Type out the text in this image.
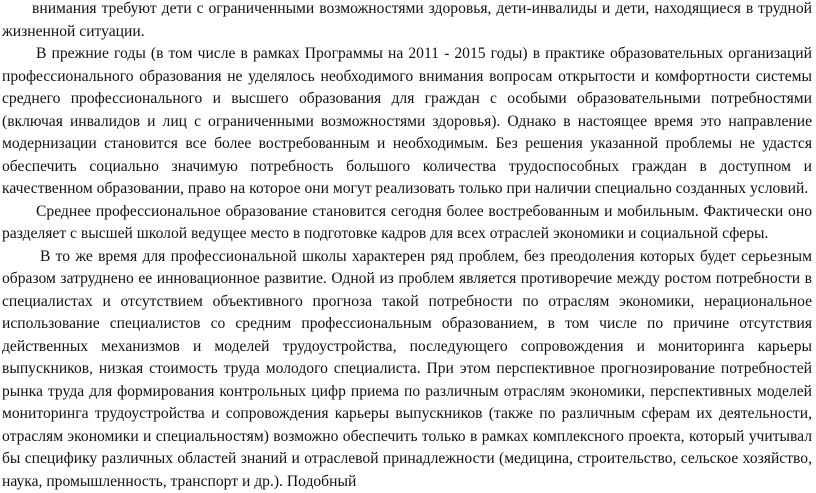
внимания требуют дети с ограниченными возможностями здоровья, дети-инвалиды и дети, находящиеся в трудной жизненной ситуации.

В прежние годы (в том числе в рамках Программы на 2011 - 2015 годы) в практике образовательных организаций профессионального образования не уделялось необходимого внимания вопросам открытости и комфортности системы среднего профессионального и высшего образования для граждан с особыми образовательными потребностями (включая инвалидов и лиц с ограниченными возможностями здоровья). Однако в настоящее время это направление модернизации становится все более востребованным и необходимым. Без решения указанной проблемы не удастся обеспечить социально значимую потребность большого количества трудоспособных граждан в доступном и качественном образовании, право на которое они могут реализовать только при наличии специально созданных условий.

Среднее профессиональное образование становится сегодня более востребованным и мобильным. Фактически оно разделяет с высшей школой ведущее место в подготовке кадров для всех отраслей экономики и социальной сферы.

В то же время для профессиональной школы характерен ряд проблем, без преодоления которых будет серьезным образом затруднено ее инновационное развитие. Одной из проблем является противоречие между ростом потребности в специалистах и отсутствием объективного прогноза такой потребности по отраслям экономики, нерациональное использование специалистов со средним профессиональным образованием, в том числе по причине отсутствия действенных механизмов и моделей трудоустройства, последующего сопровождения и мониторинга карьеры выпускников, низкая стоимость труда молодого специалиста. При этом перспективное прогнозирование потребностей рынка труда для формирования контрольных цифр приема по различным отраслям экономики, перспективных моделей мониторинга трудоустройства и сопровождения карьеры выпускников (также по различным сферам их деятельности, отраслям экономики и специальностям) возможно обеспечить только в рамках комплексного проекта, который учитывал бы специфику различных областей знаний и отраслевой принадлежности (медицина, строительство, сельское хозяйство, наука, промышленность, транспорт и др.). Подобный
